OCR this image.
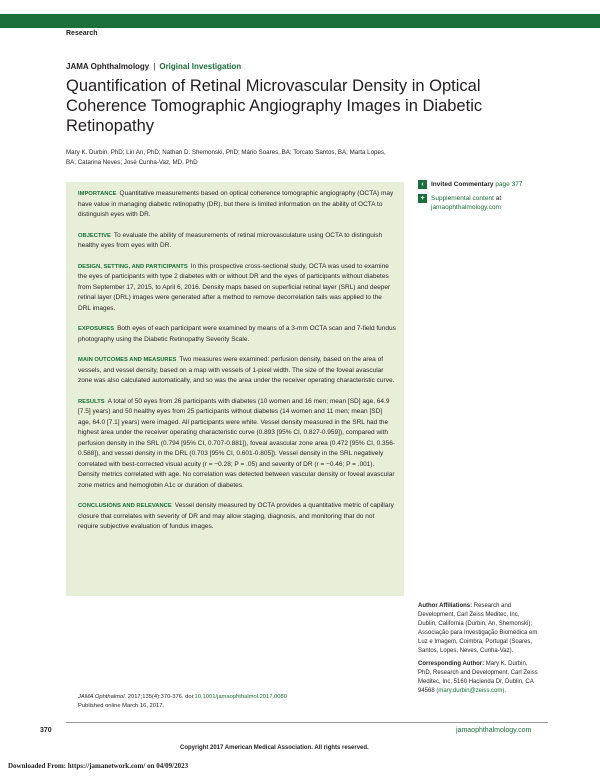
Research
JAMA Ophthalmology | Original Investigation
Quantification of Retinal Microvascular Density in Optical Coherence Tomographic Angiography Images in Diabetic Retinopathy
Mary K. Durbin, PhD; Lin An, PhD; Nathan D. Shemonski, PhD; Mário Soares, BA; Torcato Santos, BA; Marta Lopes, BA; Catarina Neves; José Cunha-Vaz, MD, PhD

IMPORTANCE Quantitative measurements based on optical coherence tomographic angiography (OCTA) may have value in managing diabetic retinopathy (DR), but there is limited information on the ability of OCTA to distinguish eyes with DR.

OBJECTIVE To evaluate the ability of measurements of retinal microvasculature using OCTA to distinguish healthy eyes from eyes with DR.

DESIGN, SETTING, AND PARTICIPANTS In this prospective cross-sectional study, OCTA was used to examine the eyes of participants with type 2 diabetes with or without DR and the eyes of participants without diabetes from September 17, 2015, to April 6, 2016. Density maps based on superficial retinal layer (SRL) and deeper retinal layer (DRL) images were generated after a method to remove decorrelation tails was applied to the DRL images.

EXPOSURES Both eyes of each participant were examined by means of a 3-mm OCTA scan and 7-field fundus photography using the Diabetic Retinopathy Severity Scale.

MAIN OUTCOMES AND MEASURES Two measures were examined: perfusion density, based on the area of vessels, and vessel density, based on a map with vessels of 1-pixel width. The size of the foveal avascular zone was also calculated automatically, and so was the area under the receiver operating characteristic curve.

RESULTS A total of 50 eyes from 26 participants with diabetes (10 women and 16 men; mean [SD] age, 64.9 [7.5] years) and 50 healthy eyes from 25 participants without diabetes (14 women and 11 men; mean [SD] age, 64.0 [7.1] years) were imaged. All participants were white. Vessel density measured in the SRL had the highest area under the receiver operating characteristic curve (0.893 [95% CI, 0.827-0.959]), compared with perfusion density in the SRL (0.794 [95% CI, 0.707-0.881]), foveal avascular zone area (0.472 [95% CI, 0.356-0.588]), and vessel density in the DRL (0.703 [95% CI, 0.601-0.805]). Vessel density in the SRL negatively correlated with best-corrected visual acuity (r = −0.28; P = .05) and severity of DR (r = −0.46; P = .001). Density metrics correlated with age. No correlation was detected between vascular density or foveal avascular zone metrics and hemoglobin A1c or duration of diabetes.

CONCLUSIONS AND RELEVANCE Vessel density measured by OCTA provides a quantitative metric of capillary closure that correlates with severity of DR and may allow staging, diagnosis, and monitoring that do not require subjective evaluation of fundus images.

‹	Invited Commentary page 377
+ Supplemental content at
jamaophthalmology.com

Author Affiliations: Research and Development, Carl Zeiss Meditec, Inc, Dublin, California (Durbin, An, Shemonski); Associação para Investigação Biomédica em Luz e Imagem, Coimbra, Portugal (Soares, Santos, Lopes, Neves, Cunha-Vaz).

Corresponding Author: Mary K. Durbin, PhD, Research and Development, Carl Zeiss Meditec, Inc, 5160 Hacienda Dr, Dublin, CA 94568 (mary.durbin@zeiss.com).

JAMA Ophthalmol. 2017;135(4):370-376. doi:10.1001/jamaophthalmol.2017.0080
Published online March 16, 2017.
370	jamaophthalmology.com
Copyright 2017 American Medical Association. All rights reserved.
Downloaded From: https://jamanetwork.com/ on 04/09/2023
